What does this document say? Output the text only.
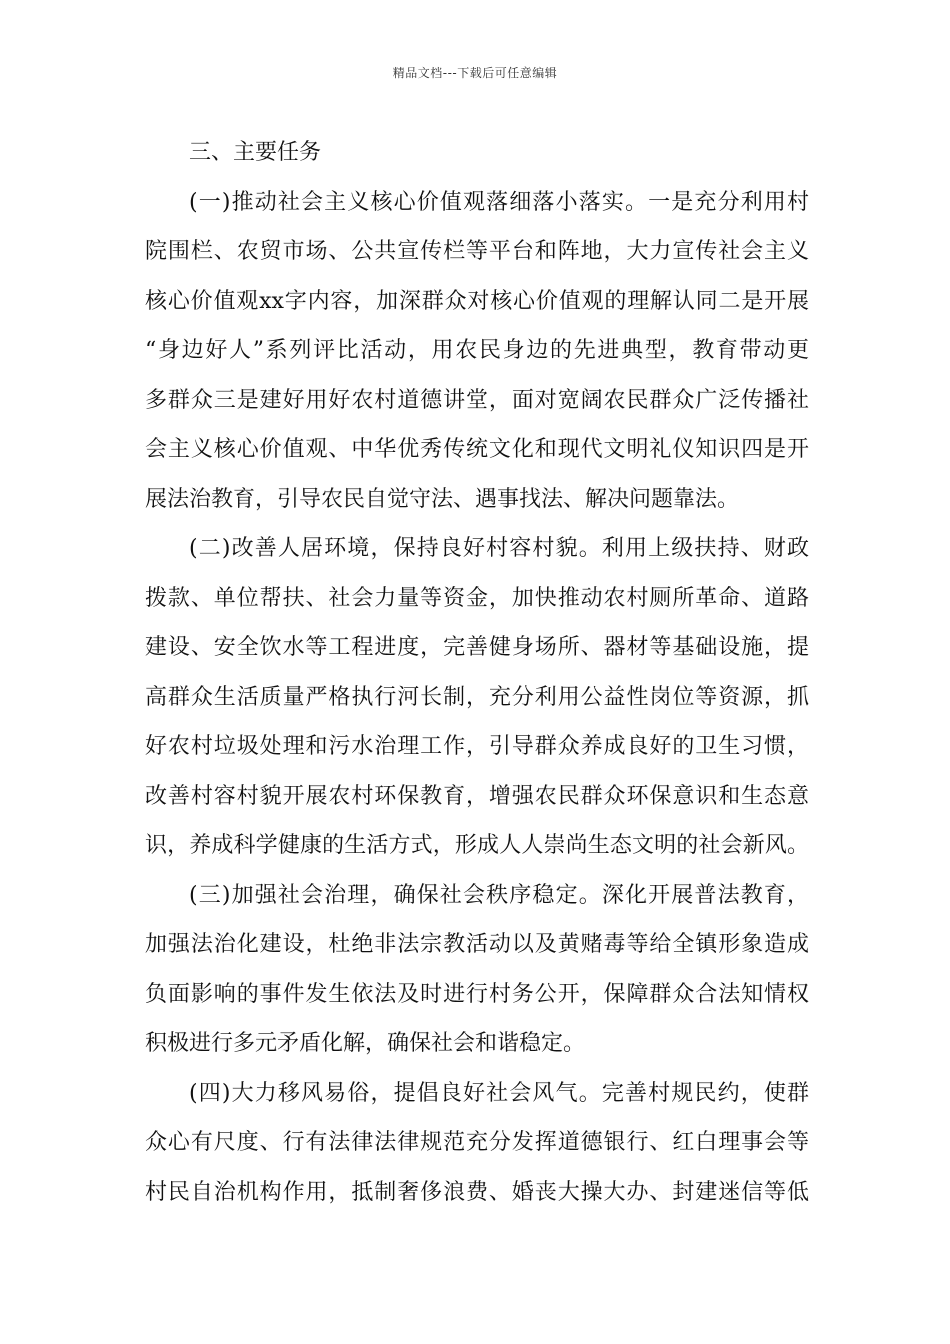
精品文档---下载后可任意编辑
三、主要任务
(一)推动社会主义核心价值观落细落小落实。一是充分利用村
院围栏、农贸市场、公共宣传栏等平台和阵地，大力宣传社会主义
核心价值观xx字内容，加深群众对核心价值观的理解认同二是开展
“身边好人”系列评比活动，用农民身边的先进典型，教育带动更
多群众三是建好用好农村道德讲堂，面对宽阔农民群众广泛传播社
会主义核心价值观、中华优秀传统文化和现代文明礼仪知识四是开
展法治教育，引导农民自觉守法、遇事找法、解决问题靠法。
(二)改善人居环境，保持良好村容村貌。利用上级扶持、财政
拨款、单位帮扶、社会力量等资金，加快推动农村厕所革命、道路
建设、安全饮水等工程进度，完善健身场所、器材等基础设施，提
高群众生活质量严格执行河长制，充分利用公益性岗位等资源，抓
好农村垃圾处理和污水治理工作，引导群众养成良好的卫生习惯，
改善村容村貌开展农村环保教育，增强农民群众环保意识和生态意
识，养成科学健康的生活方式，形成人人崇尚生态文明的社会新风。
(三)加强社会治理，确保社会秩序稳定。深化开展普法教育，
加强法治化建设，杜绝非法宗教活动以及黄赌毒等给全镇形象造成
负面影响的事件发生依法及时进行村务公开，保障群众合法知情权
积极进行多元矛盾化解，确保社会和谐稳定。
(四)大力移风易俗，提倡良好社会风气。完善村规民约，使群
众心有尺度、行有法律法律规范充分发挥道德银行、红白理事会等
村民自治机构作用，抵制奢侈浪费、婚丧大操大办、封建迷信等低
